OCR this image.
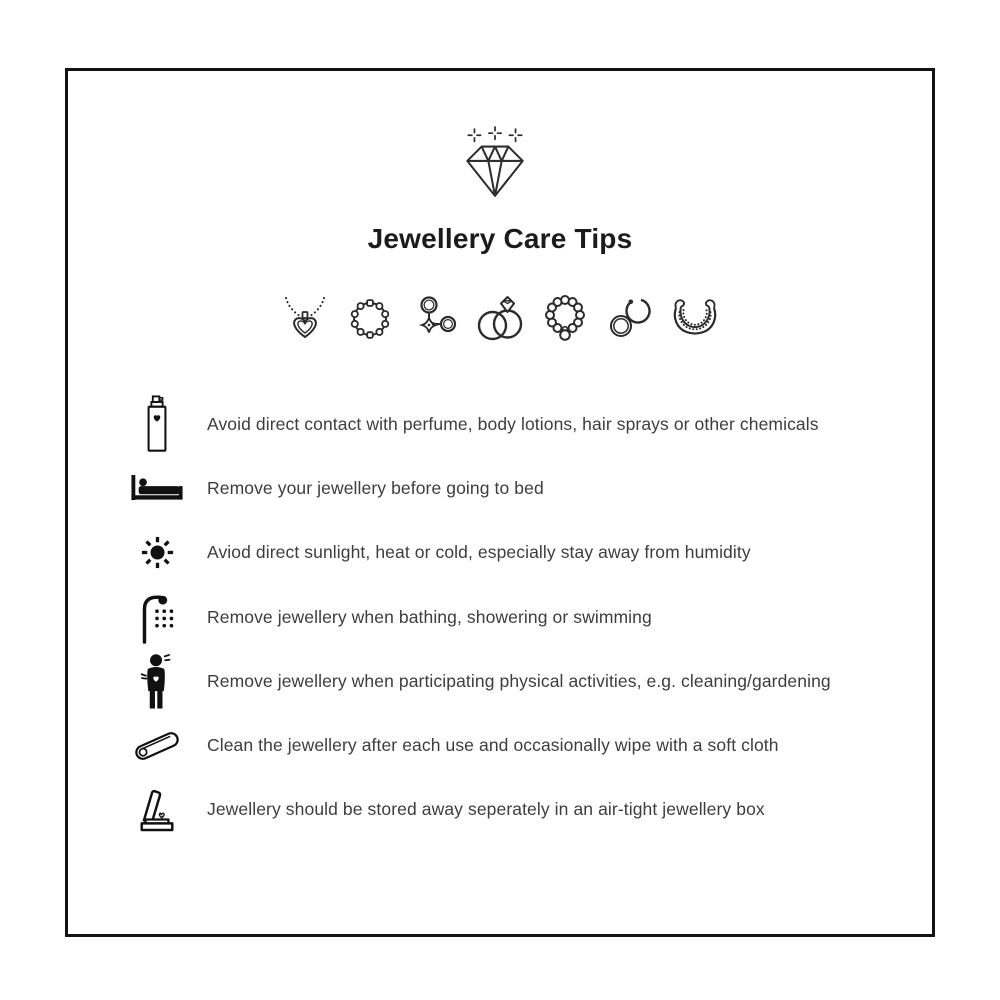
Jewellery Care Tips
Avoid direct contact with perfume, body lotions, hair sprays or other chemicals
Remove your jewellery before going to bed
Aviod direct sunlight, heat or cold, especially stay away from humidity
Remove jewellery when bathing, showering or swimming
Remove jewellery when participating physical activities, e.g. cleaning/gardening
Clean the jewellery after each use and occasionally wipe with a soft cloth
Jewellery should be stored away seperately in an air-tight jewellery box
